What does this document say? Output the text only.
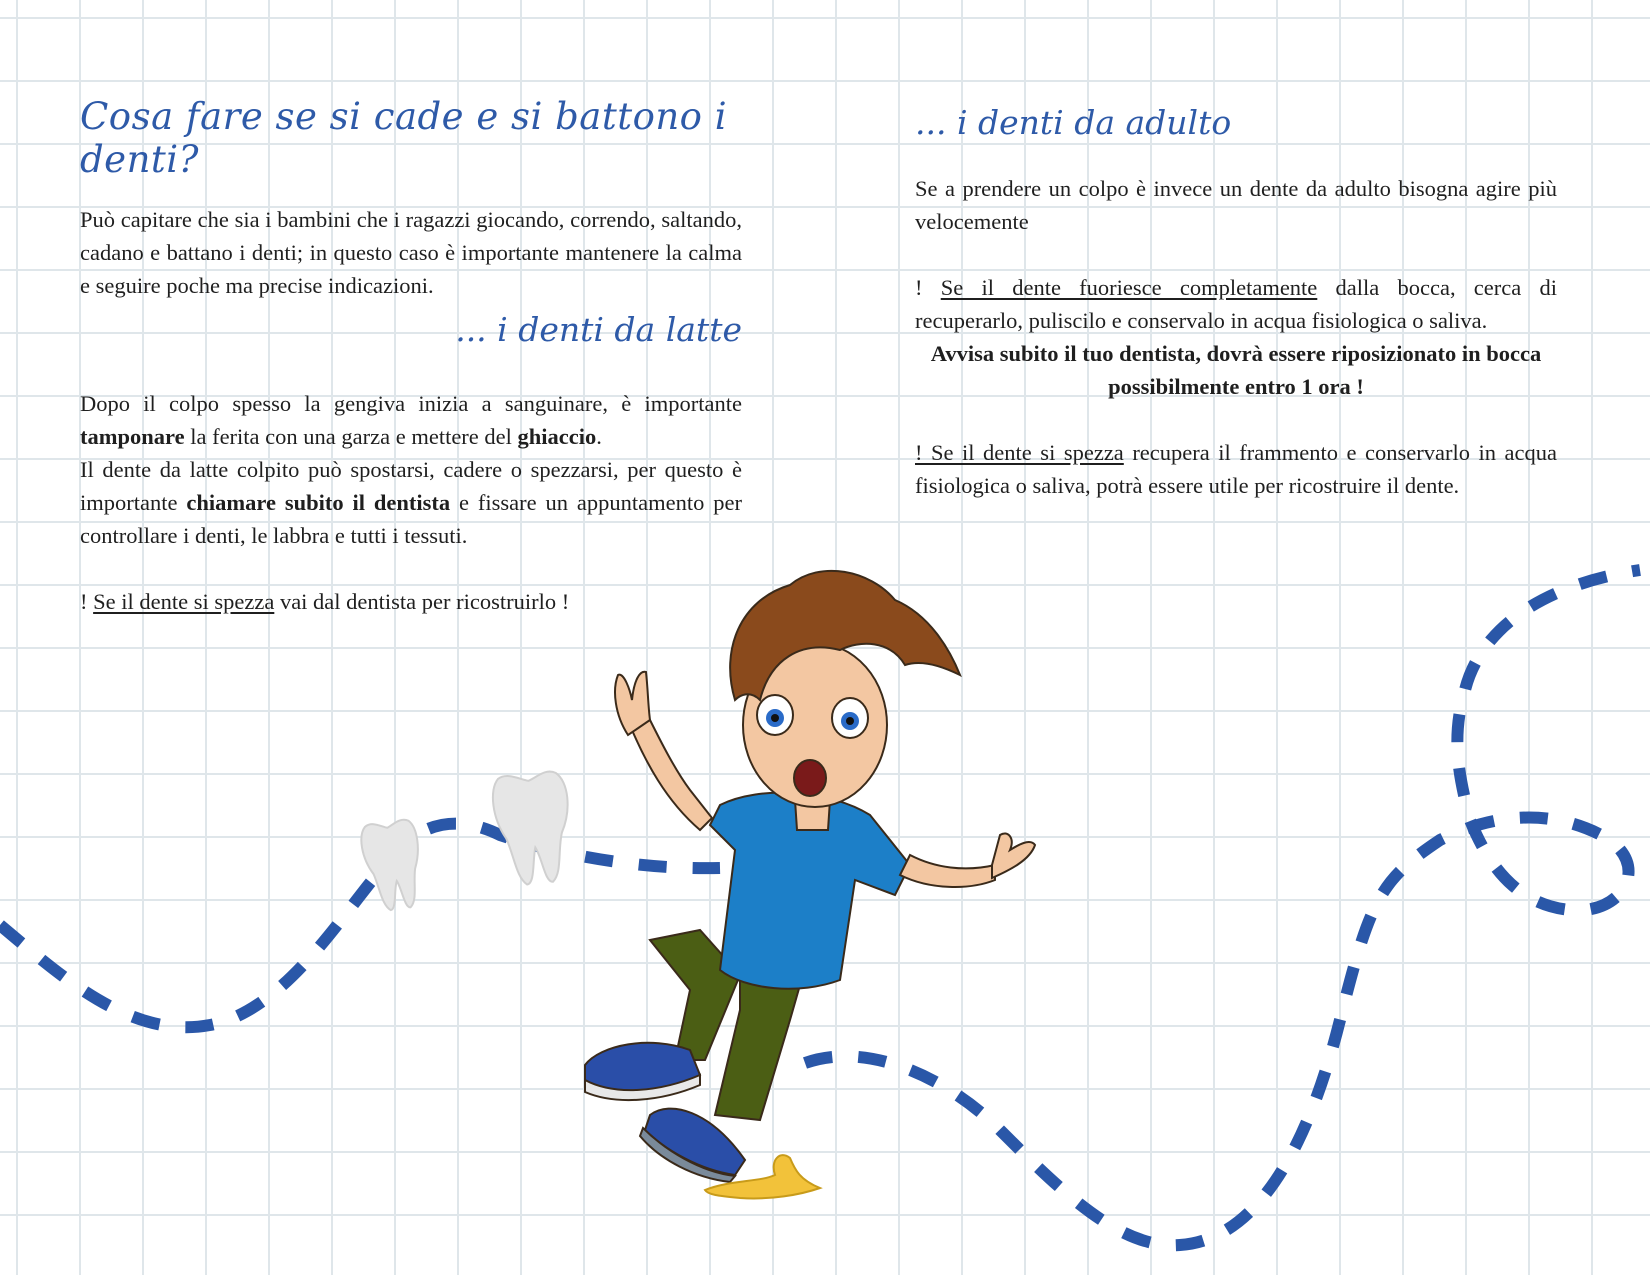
Cosa fare se si cade e si battono i denti?

Può capitare che sia i bambini che i ragazzi giocando, correndo, saltando, cadano e battano i denti; in questo caso è importante mantenere la calma e seguire poche ma precise indicazioni.

... i denti da latte

Dopo il colpo spesso la gengiva inizia a sanguinare, è importante tamponare la ferita con una garza e mettere del ghiaccio.

Il dente da latte colpito può spostarsi, cadere o spezzarsi, per questo è importante chiamare subito il dentista e fissare un appuntamento per controllare i denti, le labbra e tutti i tessuti.

! Se il dente si spezza vai dal dentista per ricostruirlo !

... i denti da adulto

Se a prendere un colpo è invece un dente da adulto bisogna agire più velocemente

! Se il dente fuoriesce completamente dalla bocca, cerca di recuperarlo, puliscilo e conservalo in acqua fisiologica o saliva.

Avvisa subito il tuo dentista, dovrà essere riposizionato in bocca possibilmente entro 1 ora !

! Se il dente si spezza recupera il frammento e conservarlo in acqua fisiologica o saliva, potrà essere utile per ricostruire il dente.
